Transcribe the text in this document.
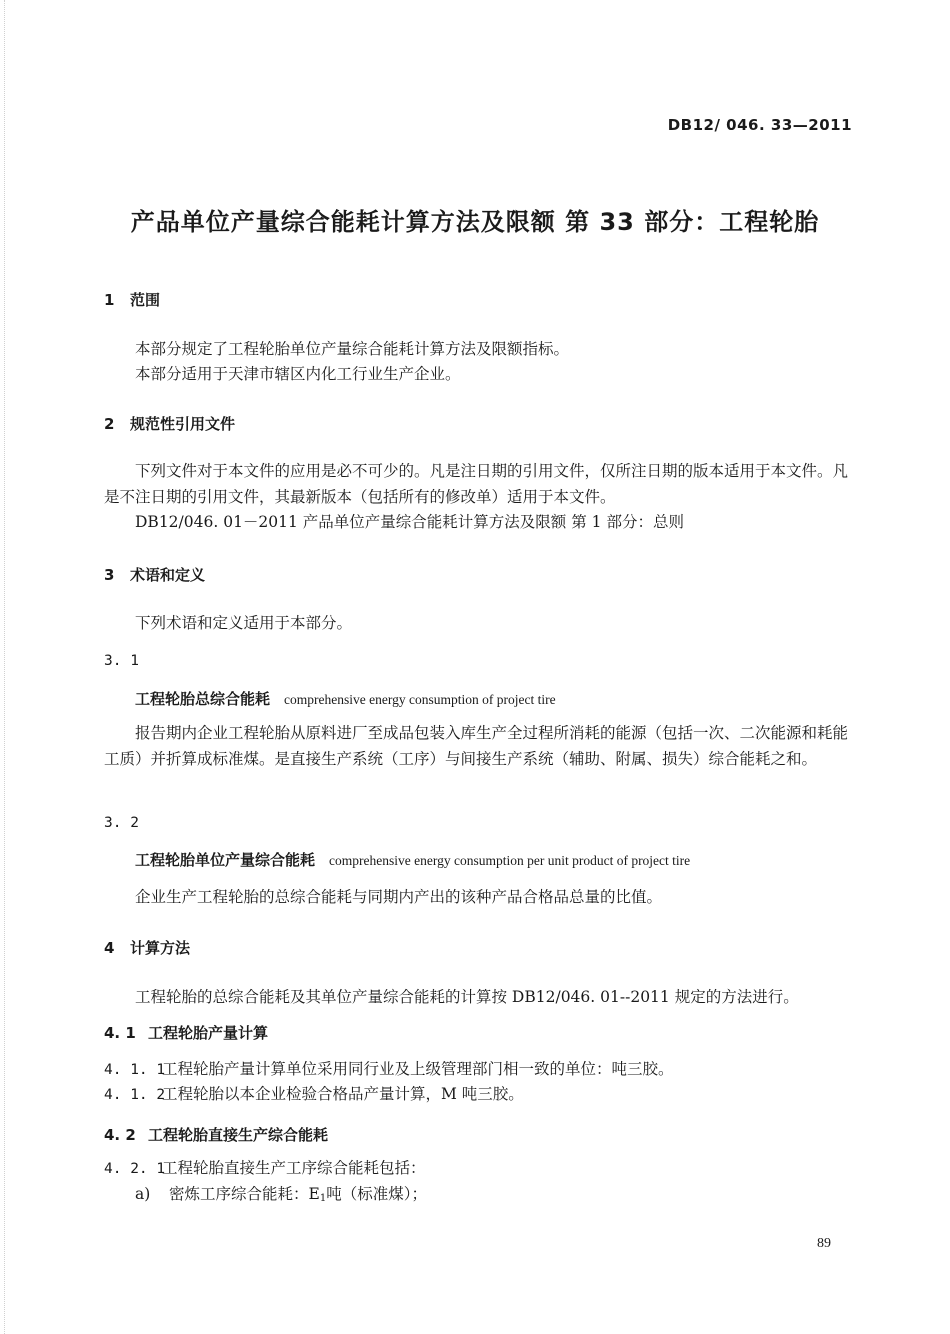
DB12/ 046. 33—2011
产品单位产量综合能耗计算方法及限额 第 33 部分：工程轮胎
1 范围
本部分规定了工程轮胎单位产量综合能耗计算方法及限额指标。
本部分适用于天津市辖区内化工行业生产企业。
2 规范性引用文件
下列文件对于本文件的应用是必不可少的。凡是注日期的引用文件，仅所注日期的版本适用于本文件。凡是不注日期的引用文件，其最新版本（包括所有的修改单）适用于本文件。
DB12/046. 01－2011 产品单位产量综合能耗计算方法及限额 第 1 部分：总则
3 术语和定义
下列术语和定义适用于本部分。
3. 1
工程轮胎总综合能耗 comprehensive energy consumption of project tire
报告期内企业工程轮胎从原料进厂至成品包装入库生产全过程所消耗的能源（包括一次、二次能源和耗能工质）并折算成标准煤。是直接生产系统（工序）与间接生产系统（辅助、附属、损失）综合能耗之和。
3. 2
工程轮胎单位产量综合能耗 comprehensive energy consumption per unit product of project tire
企业生产工程轮胎的总综合能耗与同期内产出的该种产品合格品总量的比值。
4 计算方法
工程轮胎的总综合能耗及其单位产量综合能耗的计算按 DB12/046. 01--2011 规定的方法进行。
4. 1 工程轮胎产量计算
4. 1. 1工程轮胎产量计算单位采用同行业及上级管理部门相一致的单位：吨三胶。
4. 1. 2工程轮胎以本企业检验合格品产量计算，M 吨三胶。
4. 2 工程轮胎直接生产综合能耗
4. 2. 1工程轮胎直接生产工序综合能耗包括：
a) 密炼工序综合能耗：E1吨（标准煤）；
89
